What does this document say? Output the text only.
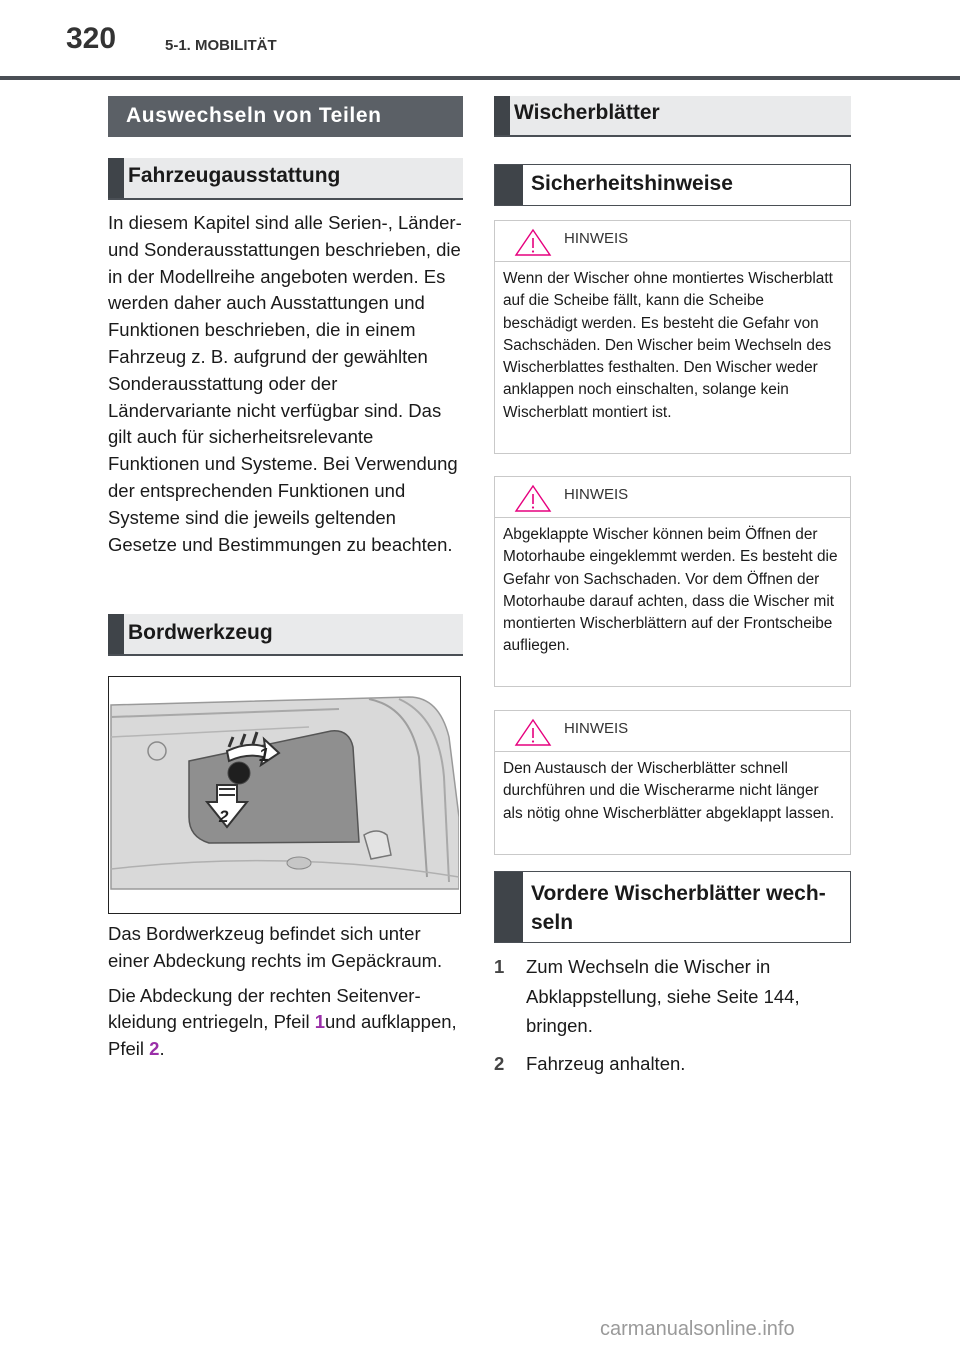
320	5-1. MOBILITÄT
Auswechseln von Teilen
Fahrzeugausstattung

In diesem Kapitel sind alle Serien-, Länder- und Sonderausstattungen beschrieben, die in der Modellreihe angeboten werden. Es werden daher auch Ausstattungen und Funktionen beschrieben, die in einem Fahrzeug z. B. aufgrund der gewählten Sonderausstattung oder der Ländervariante nicht verfügbar sind. Das gilt auch für sicherheitsrelevante Funktionen und Systeme. Bei Verwendung der entsprechenden Funktionen und Systeme sind die jeweils geltenden Gesetze und Bestimmungen zu beachten.

Bordwerkzeug
1
2

Das Bordwerkzeug befindet sich unter einer Abdeckung rechts im Gepäckraum.

Die Abdeckung der rechten Seitenverkleidung entriegeln, Pfeil 1und aufklappen, Pfeil 2.

Wischerblätter
Sicherheitshinweise
HINWEIS
Wenn der Wischer ohne montiertes Wischerblatt auf die Scheibe fällt, kann die Scheibe beschädigt werden. Es besteht die Gefahr von Sachschäden. Den Wischer beim Wechseln des Wischerblattes festhalten. Den Wischer weder anklappen noch einschalten, solange kein Wischerblatt montiert ist.
HINWEIS
Abgeklappte Wischer können beim Öffnen der Motorhaube eingeklemmt werden. Es besteht die Gefahr von Sachschaden. Vor dem Öffnen der Motorhaube darauf achten, dass die Wischer mit montierten Wischerblättern auf der Frontscheibe aufliegen.
HINWEIS
Den Austausch der Wischerblätter schnell durchführen und die Wischerarme nicht länger als nötig ohne Wischerblätter abgeklappt lassen.
Vordere Wischerblätter wechseln
1 Zum Wechseln die Wischer in Abklappstellung, siehe Seite 144, bringen.
2 Fahrzeug anhalten.
carmanualsonline.info
